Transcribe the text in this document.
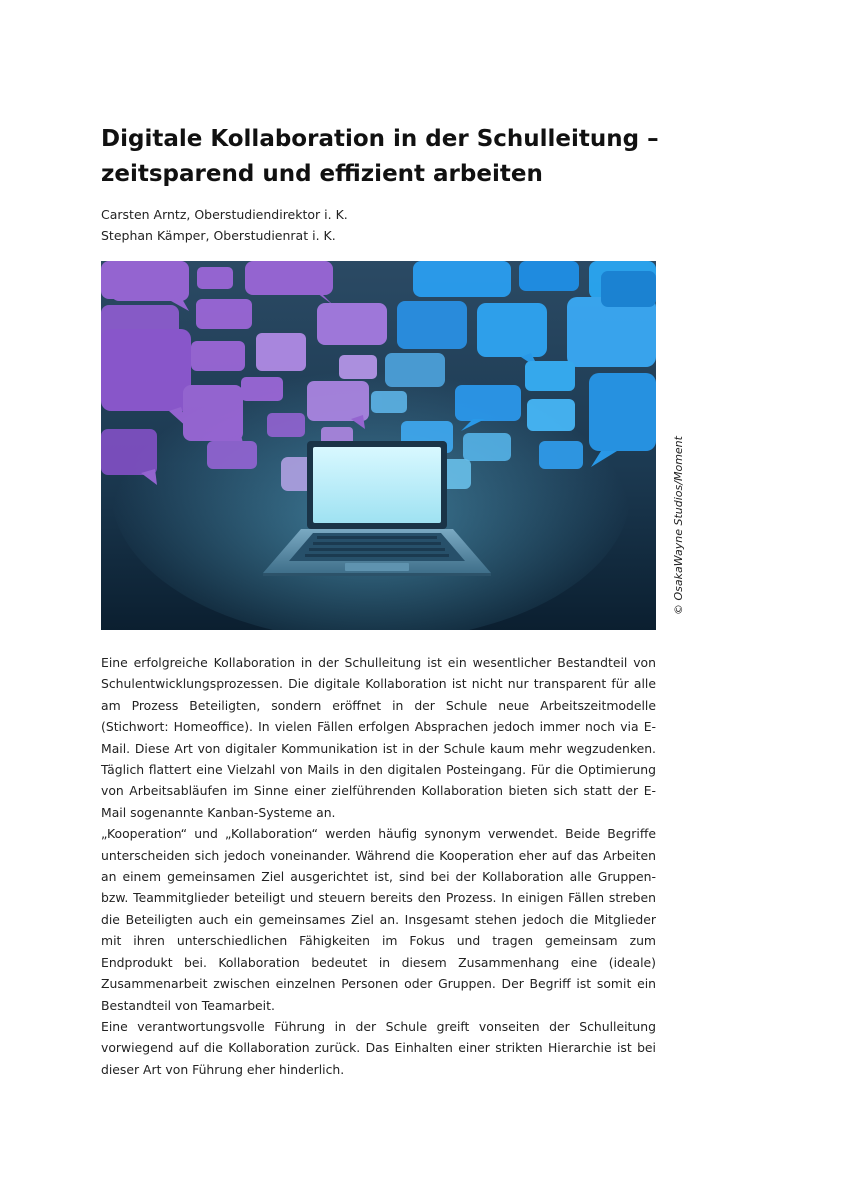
Digitale Kollaboration in der Schulleitung –
zeitsparend und effizient arbeiten
Carsten Arntz, Oberstudiendirektor i. K.
Stephan Kämper, Oberstudienrat i. K.
© OsakaWayne Studios/Moment

Eine erfolgreiche Kollaboration in der Schulleitung ist ein wesentlicher Bestandteil von Schulentwicklungsprozessen. Die digitale Kollaboration ist nicht nur transparent für alle am Prozess Beteiligten, sondern eröffnet in der Schule neue Arbeitszeitmodelle (Stichwort: Homeoffice). In vielen Fällen erfolgen Absprachen jedoch immer noch via E-Mail. Diese Art von digitaler Kommunikation ist in der Schule kaum mehr wegzudenken. Täglich flattert eine Vielzahl von Mails in den digitalen Posteingang. Für die Optimierung von Arbeitsabläufen im Sinne einer zielführenden Kollaboration bieten sich statt der E-Mail sogenannte Kanban-Systeme an.

„Kooperation“ und „Kollaboration“ werden häufig synonym verwendet. Beide Begriffe unterscheiden sich jedoch voneinander. Während die Kooperation eher auf das Arbeiten an einem gemeinsamen Ziel ausgerichtet ist, sind bei der Kollaboration alle Gruppen- bzw. Teammitglieder beteiligt und steuern bereits den Prozess. In einigen Fällen streben die Beteiligten auch ein gemeinsames Ziel an. Insgesamt stehen jedoch die Mitglieder mit ihren unterschiedlichen Fähigkeiten im Fokus und tragen gemeinsam zum Endprodukt bei. Kollaboration bedeutet in diesem Zusammenhang eine (ideale) Zusammenarbeit zwischen einzelnen Personen oder Gruppen. Der Begriff ist somit ein Bestandteil von Teamarbeit.

Eine verantwortungsvolle Führung in der Schule greift vonseiten der Schulleitung vorwiegend auf die Kollaboration zurück. Das Einhalten einer strikten Hierarchie ist bei dieser Art von Führung eher hinderlich.
